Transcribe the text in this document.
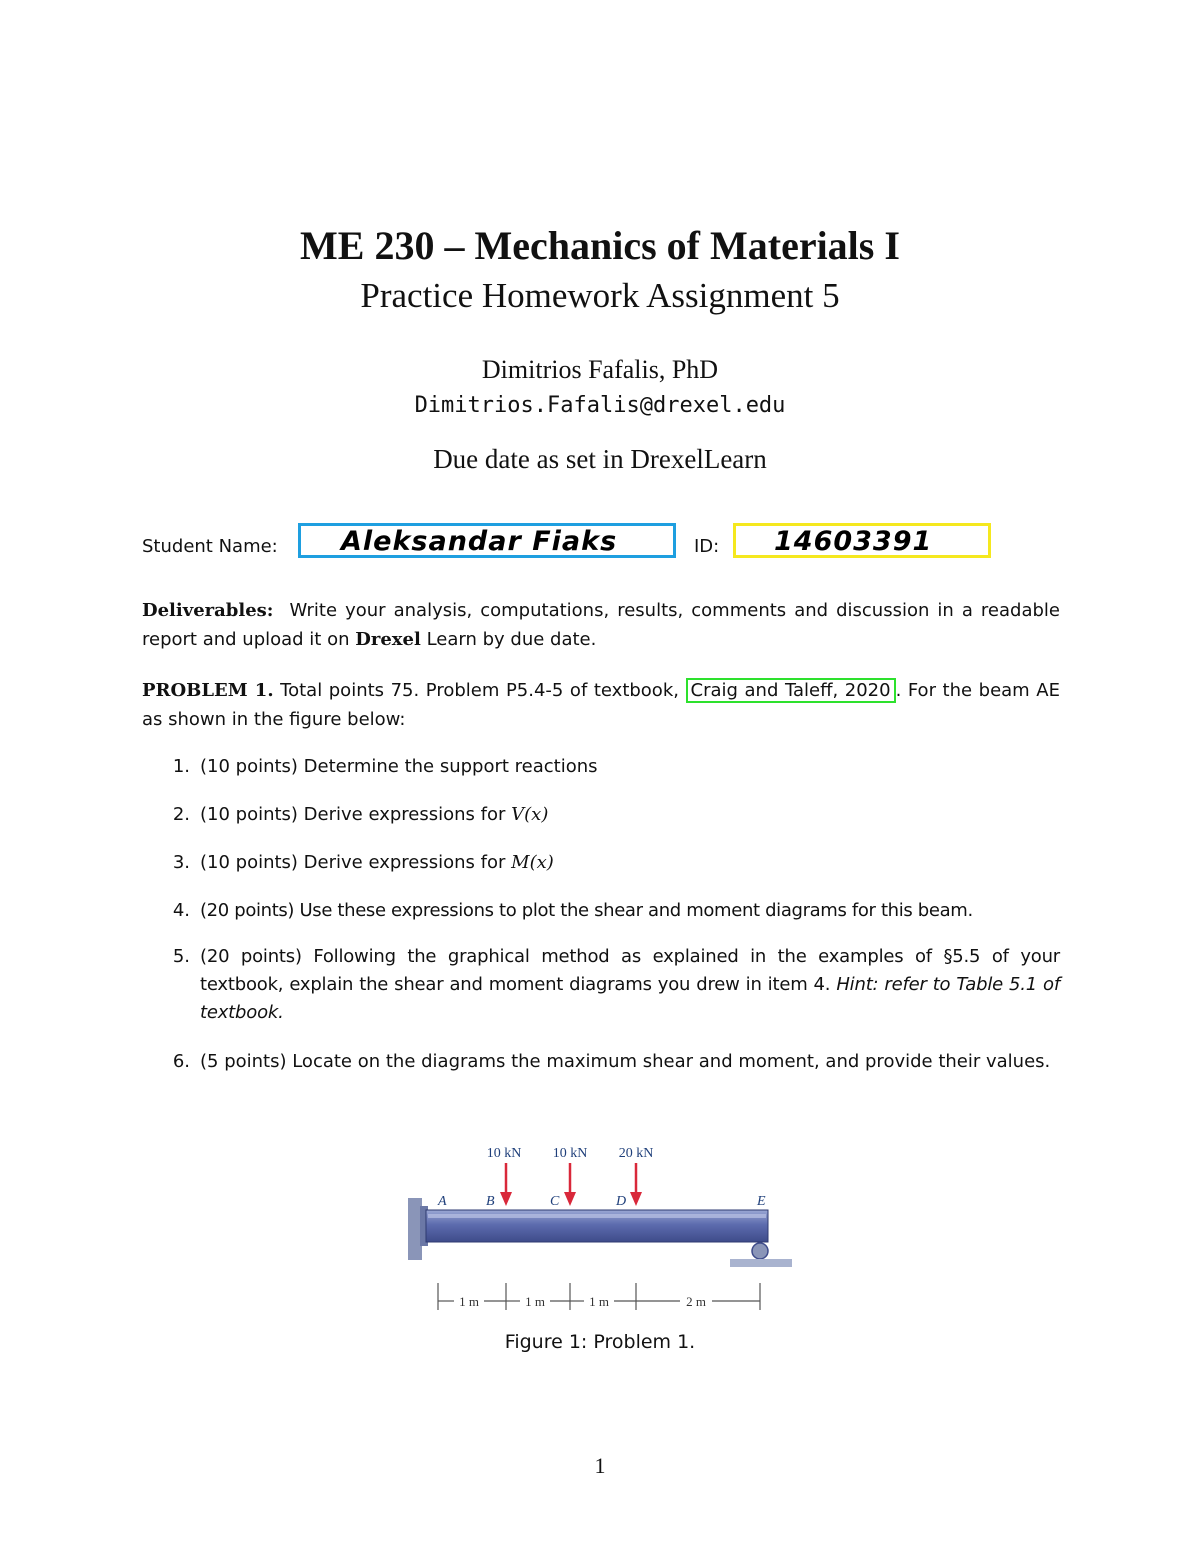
ME 230 – Mechanics of Materials I
Practice Homework Assignment 5
Dimitrios Fafalis, PhD
Dimitrios.Fafalis@drexel.edu
Due date as set in DrexelLearn
Student Name: Aleksandar Fiaks	ID: 14603391
Deliverables: Write your analysis, computations, results, comments and discussion in a readable report and upload it on Drexel Learn by due date.
PROBLEM 1. Total points 75. Problem P5.4-5 of textbook, Craig and Taleff, 2020 . For the beam AE as shown in the figure below:
1. (10 points) Determine the support reactions
2. (10 points) Derive expressions for V(x)
3. (10 points) Derive expressions for M(x)
4. (20 points) Use these expressions to plot the shear and moment diagrams for this beam.
5. (20 points) Following the graphical method as explained in the examples of §5.5 of your textbook, explain the shear and moment diagrams you drew in item 4. Hint: refer to Table 5.1 of textbook.
6. (5 points) Locate on the diagrams the maximum shear and moment, and provide their values.
10 kN 10 kN 20 kN
A	B	C	D	E
1 m	1 m	1 m	2 m
Figure 1: Problem 1.
1
